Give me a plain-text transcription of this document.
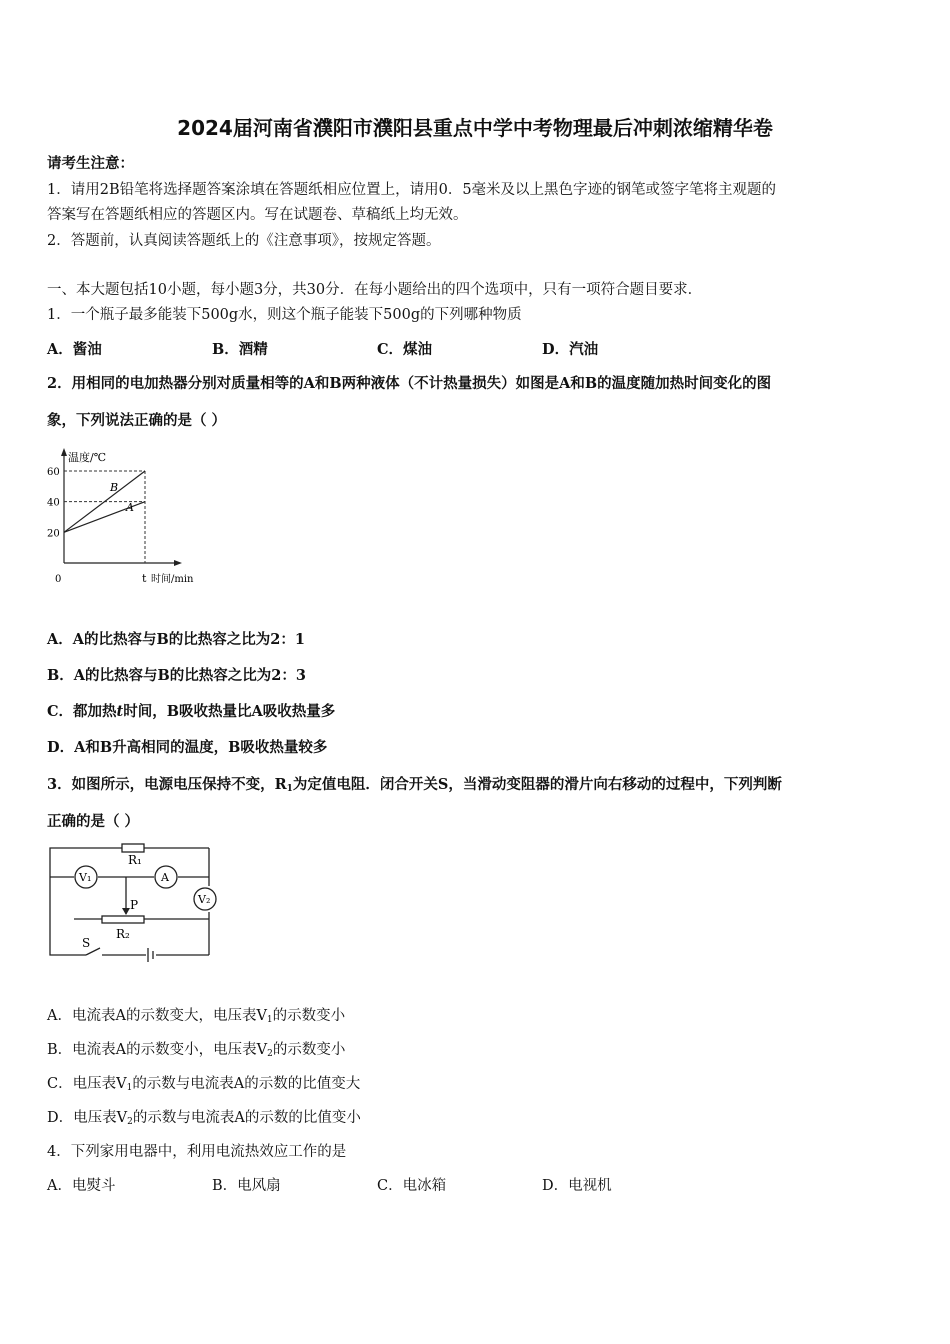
2024届河南省濮阳市濮阳县重点中学中考物理最后冲刺浓缩精华卷
请考生注意：
1．请用2B铅笔将选择题答案涂填在答题纸相应位置上，请用0．5毫米及以上黑色字迹的钢笔或签字笔将主观题的
答案写在答题纸相应的答题区内。写在试题卷、草稿纸上均无效。
2．答题前，认真阅读答题纸上的《注意事项》，按规定答题。
一、本大题包括10小题，每小题3分，共30分．在每小题给出的四个选项中，只有一项符合题目要求．
1．一个瓶子最多能装下500g水，则这个瓶子能装下500g的下列哪种物质
A．酱油	B．酒精	C．煤油	D．汽油
2．用相同的电加热器分别对质量相等的A和B两种液体（不计热量损失）如图是A和B的温度随加热时间变化的图
象，下列说法正确的是（ ）
20
40
60
A
B
温度/℃
0	t 时间/min
A．A的比热容与B的比热容之比为2：1
B．A的比热容与B的比热容之比为2：3
C．都加热t时间，B吸收热量比A吸收热量多
D．A和B升高相同的温度，B吸收热量较多
3．如图所示，电源电压保持不变，$R_1$为定值电阻．闭合开关S，当滑动变阻器的滑片向右移动的过程中，下列判断
正确的是（ ）
R₁
V₁	A
V₂
P
R₂
S
A．电流表A的示数变大，电压表$V_1$的示数变小
B．电流表A的示数变小，电压表$V_2$的示数变小
C．电压表$V_1$的示数与电流表A的示数的比值变大
D．电压表$V_2$的示数与电流表A的示数的比值变小
4．下列家用电器中，利用电流热效应工作的是
A．电熨斗	B．电风扇	C．电冰箱	D．电视机
